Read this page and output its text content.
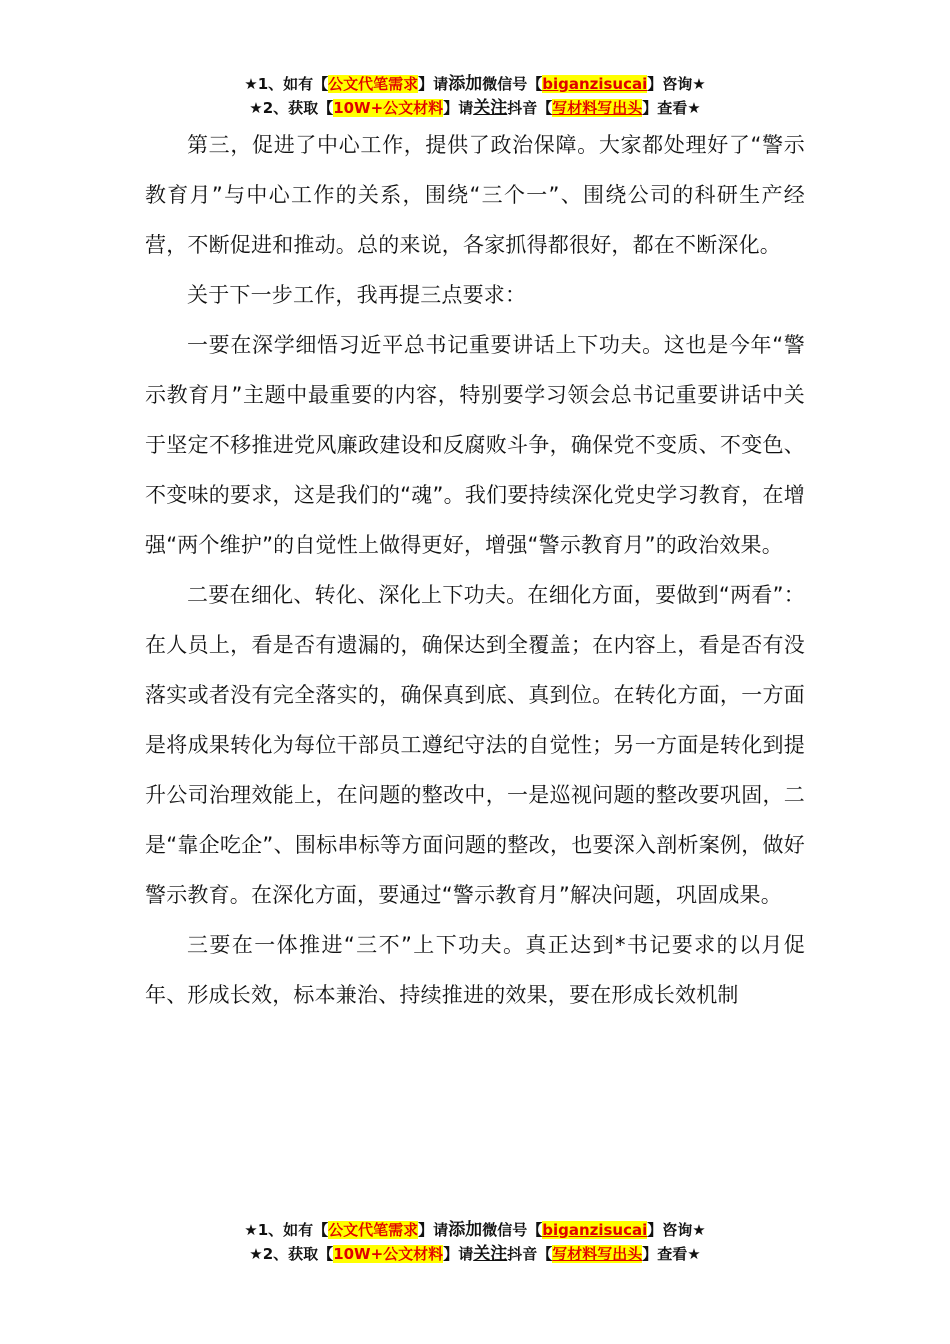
★1、如有【公文代笔需求】请添加微信号【biganzisucai】咨询★
★2、获取【10W+公文材料】请关注抖音【写材料写出头】查看★

第三，促进了中心工作，提供了政治保障。大家都处理好了“警示教育月”与中心工作的关系，围绕“三个一”、围绕公司的科研生产经营，不断促进和推动。总的来说，各家抓得都很好，都在不断深化。

关于下一步工作，我再提三点要求：

一要在深学细悟习近平总书记重要讲话上下功夫。这也是今年“警示教育月”主题中最重要的内容，特别要学习领会总书记重要讲话中关于坚定不移推进党风廉政建设和反腐败斗争，确保党不变质、不变色、不变味的要求，这是我们的“魂”。我们要持续深化党史学习教育，在增强“两个维护”的自觉性上做得更好，增强“警示教育月”的政治效果。

二要在细化、转化、深化上下功夫。在细化方面，要做到“两看”：在人员上，看是否有遗漏的，确保达到全覆盖；在内容上，看是否有没落实或者没有完全落实的，确保真到底、真到位。在转化方面，一方面是将成果转化为每位干部员工遵纪守法的自觉性；另一方面是转化到提升公司治理效能上，在问题的整改中，一是巡视问题的整改要巩固，二是“靠企吃企”、围标串标等方面问题的整改，也要深入剖析案例，做好警示教育。在深化方面，要通过“警示教育月”解决问题，巩固成果。

三要在一体推进“三不”上下功夫。真正达到*书记要求的以月促年、形成长效，标本兼治、持续推进的效果，要在形成长效机制

★1、如有【公文代笔需求】请添加微信号【biganzisucai】咨询★
★2、获取【10W+公文材料】请关注抖音【写材料写出头】查看★
